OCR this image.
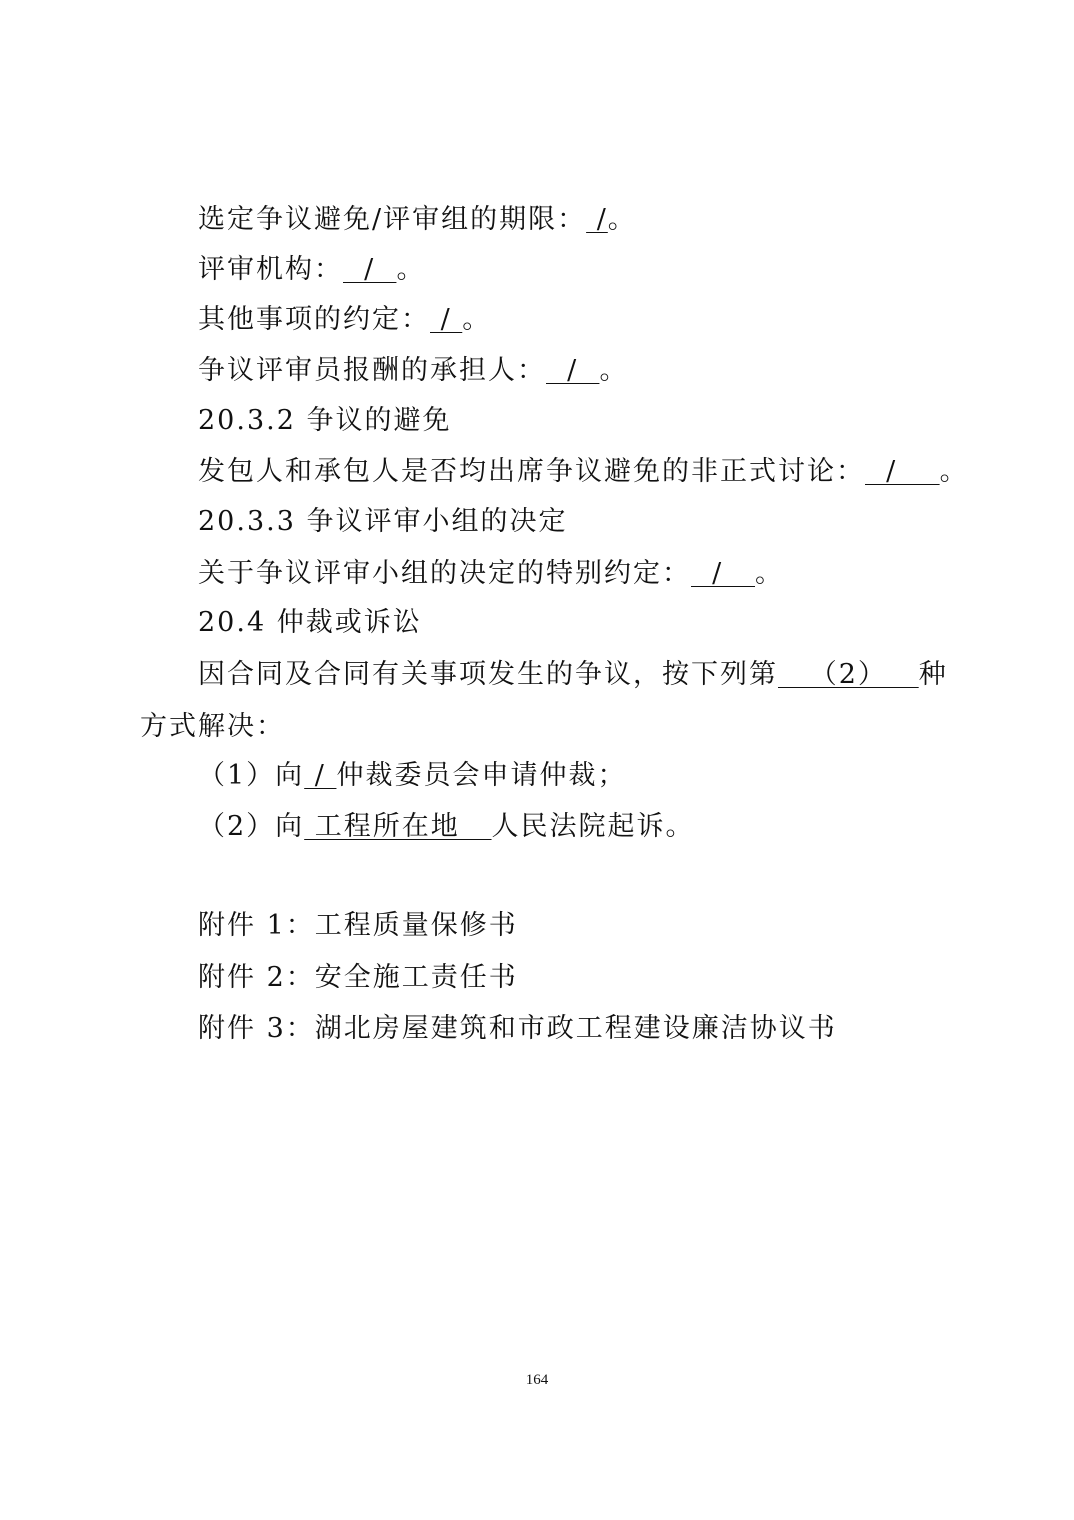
选定争议避免/评审组的期限： /。
评审机构：  /  。
其他事项的约定： / 。
争议评审员报酬的承担人：  /  。
20.3.2 争议的避免
发包人和承包人是否均出席争议避免的非正式讨论：  /    。
20.3.3 争议评审小组的决定
关于争议评审小组的决定的特别约定：  /   。
20.4 仲裁或诉讼
因合同及合同有关事项发生的争议，按下列第   （2）   种
方式解决：
（1）向 / 仲裁委员会申请仲裁；
（2）向 工程所在地   人民法院起诉。
附件 1：工程质量保修书
附件 2：安全施工责任书
附件 3：湖北房屋建筑和市政工程建设廉洁协议书
164
